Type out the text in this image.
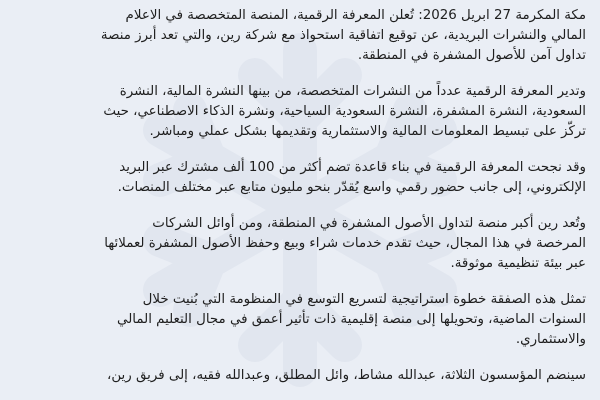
مكة المكرمة 27 ابريل 2026: تُعلن المعرفة الرقمية، المنصة المتخصصة في الاعلام
المالي والنشرات البريدية، عن توقيع اتفاقية استحواذ مع شركة رين، والتي تعد أبرز منصة
تداول آمن للأصول المشفرة في المنطقة.

وتدير المعرفة الرقمية عدداً من النشرات المتخصصة، من بينها النشرة المالية، النشرة
السعودية، النشرة المشفرة، النشرة السعودية السياحية، ونشرة الذكاء الاصطناعي، حيث
تركّز على تبسيط المعلومات المالية والاستثمارية وتقديمها بشكل عملي ومباشر.

وقد نجحت المعرفة الرقمية في بناء قاعدة تضم أكثر من 100 ألف مشترك عبر البريد
الإلكتروني، إلى جانب حضور رقمي واسع يُقدّر بنحو مليون متابع عبر مختلف المنصات.

وتُعد رين أكبر منصة لتداول الأصول المشفرة في المنطقة، ومن أوائل الشركات
المرخصة في هذا المجال، حيث تقدم خدمات شراء وبيع وحفظ الأصول المشفرة لعملائها
عبر بيئة تنظيمية موثوقة.

تمثل هذه الصفقة خطوة استراتيجية لتسريع التوسع في المنظومة التي بُنيت خلال
السنوات الماضية، وتحويلها إلى منصة إقليمية ذات تأثير أعمق في مجال التعليم المالي
والاستثماري.

سينضم المؤسسون الثلاثة، عبدالله مشاط، وائل المطلق، وعبدالله فقيه، إلى فريق رين،
